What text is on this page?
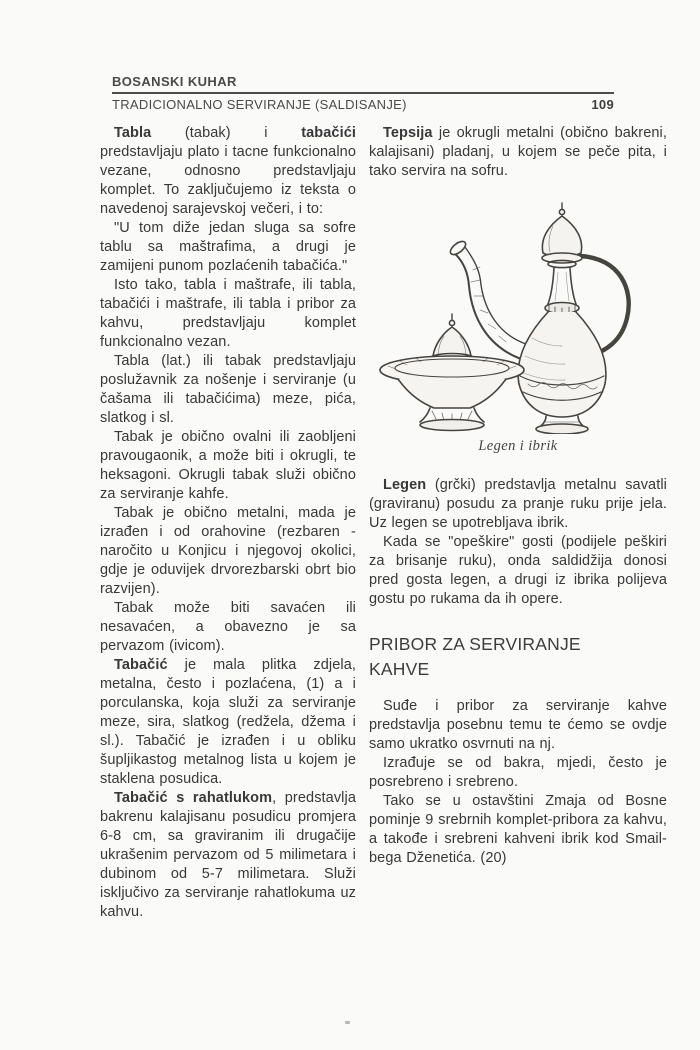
BOSANSKI KUHAR
TRADICIONALNO SERVIRANJE (SALDISANJE)	109

Tabla (tabak) i tabačići predstavljaju plato i tacne funkcionalno vezane, odnosno predstavljaju komplet. To zaključujemo iz teksta o navedenoj sarajevskoj večeri, i to:

"U tom diže jedan sluga sa sofre tablu sa maštrafima, a drugi je zamijeni punom pozlaćenih tabačića."

Isto tako, tabla i maštrafe, ili tabla, tabačići i maštrafe, ili tabla i pribor za kahvu, predstavljaju komplet funkcionalno vezan.

Tabla (lat.) ili tabak predstavljaju poslužavnik za nošenje i serviranje (u čašama ili tabačićima) meze, pića, slatkog i sl.

Tabak je obično ovalni ili zaobljeni pravougaonik, a može biti i okrugli, te heksagoni. Okrugli tabak služi obično za serviranje kahfe.

Tabak je obično metalni, mada je izrađen i od orahovine (rezbaren - naročito u Konjicu i njegovoj okolici, gdje je oduvijek drvorezbarski obrt bio razvijen).

Tabak može biti savaćen ili nesavaćen, a obavezno je sa pervazom (ivicom).

Tabačić je mala plitka zdjela, metalna, često i pozlaćena, (1) a i porculanska, koja služi za serviranje meze, sira, slatkog (redžela, džema i sl.). Tabačić je izrađen i u obliku šupljikastog metalnog lista u kojem je staklena posudica.

Tabačić s rahatlukom, predstavlja bakrenu kalajisanu posudicu promjera 6-8 cm, sa graviranim ili drugačije ukrašenim pervazom od 5 milimetara i dubinom od 5-7 milimetara. Služi isključivo za serviranje rahatlokuma uz kahvu.

Tepsija je okrugli metalni (obično bakreni, kalajisani) pladanj, u kojem se peče pita, i tako servira na sofru.

Legen i ibrik

Legen (grčki) predstavlja metalnu savatli (graviranu) posudu za pranje ruku prije jela. Uz legen se upotrebljava ibrik.

Kada se "opeškire" gosti (podijele peškiri za brisanje ruku), onda saldidžija donosi pred gosta legen, a drugi iz ibrika polijeva gostu po rukama da ih opere.

PRIBOR ZA SERVIRANJE KAHVE

Suđe i pribor za serviranje kahve predstavlja posebnu temu te ćemo se ovdje samo ukratko osvrnuti na nj.

Izrađuje se od bakra, mjedi, često je posrebreno i srebreno.

Tako se u ostavštini Zmaja od Bosne pominje 9 srebrnih komplet-pribora za kahvu, a takođe i srebreni kahveni ibrik kod Smail-bega Dženetića. (20)
